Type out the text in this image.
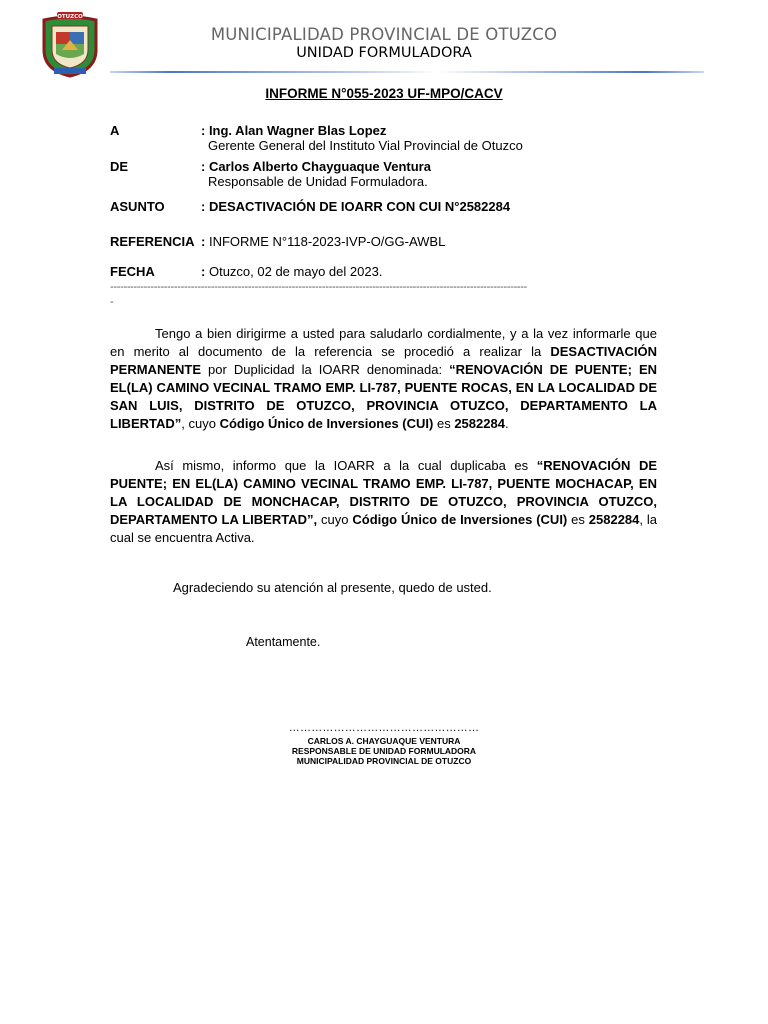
OTUZCO
MUNICIPALIDAD PROVINCIAL DE OTUZCO
UNIDAD FORMULADORA
INFORME N°055-2023 UF-MPO/CACV
A	: Ing. Alan Wagner Blas Lopez
Gerente General del Instituto Vial Provincial de Otuzco
DE	: Carlos Alberto Chayguaque Ventura
Responsable de Unidad Formuladora.
ASUNTO	: DESACTIVACIÓN DE IOARR CON CUI N°2582284
REFERENCIA : INFORME N°118-2023-IVP-O/GG-AWBL
FECHA	: Otuzco, 02 de mayo del 2023.
----------------------------------------------------------------------------------------------------------------------------
-
Tengo a bien dirigirme a usted para saludarlo cordialmente, y a la vez informarle que en merito al documento de la referencia se procedió a realizar la DESACTIVACIÓN PERMANENTE por Duplicidad la IOARR denominada: “RENOVACIÓN DE PUENTE; EN EL(LA) CAMINO VECINAL TRAMO EMP. LI-787, PUENTE ROCAS, EN LA LOCALIDAD DE SAN LUIS, DISTRITO DE OTUZCO, PROVINCIA OTUZCO, DEPARTAMENTO LA LIBERTAD”, cuyo Código Único de Inversiones (CUI) es 2582284.
Así mismo, informo que la IOARR a la cual duplicaba es “RENOVACIÓN DE PUENTE; EN EL(LA) CAMINO VECINAL TRAMO EMP. LI-787, PUENTE MOCHACAP, EN LA LOCALIDAD DE MONCHACAP, DISTRITO DE OTUZCO, PROVINCIA OTUZCO, DEPARTAMENTO LA LIBERTAD”, cuyo Código Único de Inversiones (CUI) es 2582284, la cual se encuentra Activa.
Agradeciendo su atención al presente, quedo de usted.
Atentamente.
……………………………………………
CARLOS A. CHAYGUAQUE VENTURA
RESPONSABLE DE UNIDAD FORMULADORA
MUNICIPALIDAD PROVINCIAL DE OTUZCO
